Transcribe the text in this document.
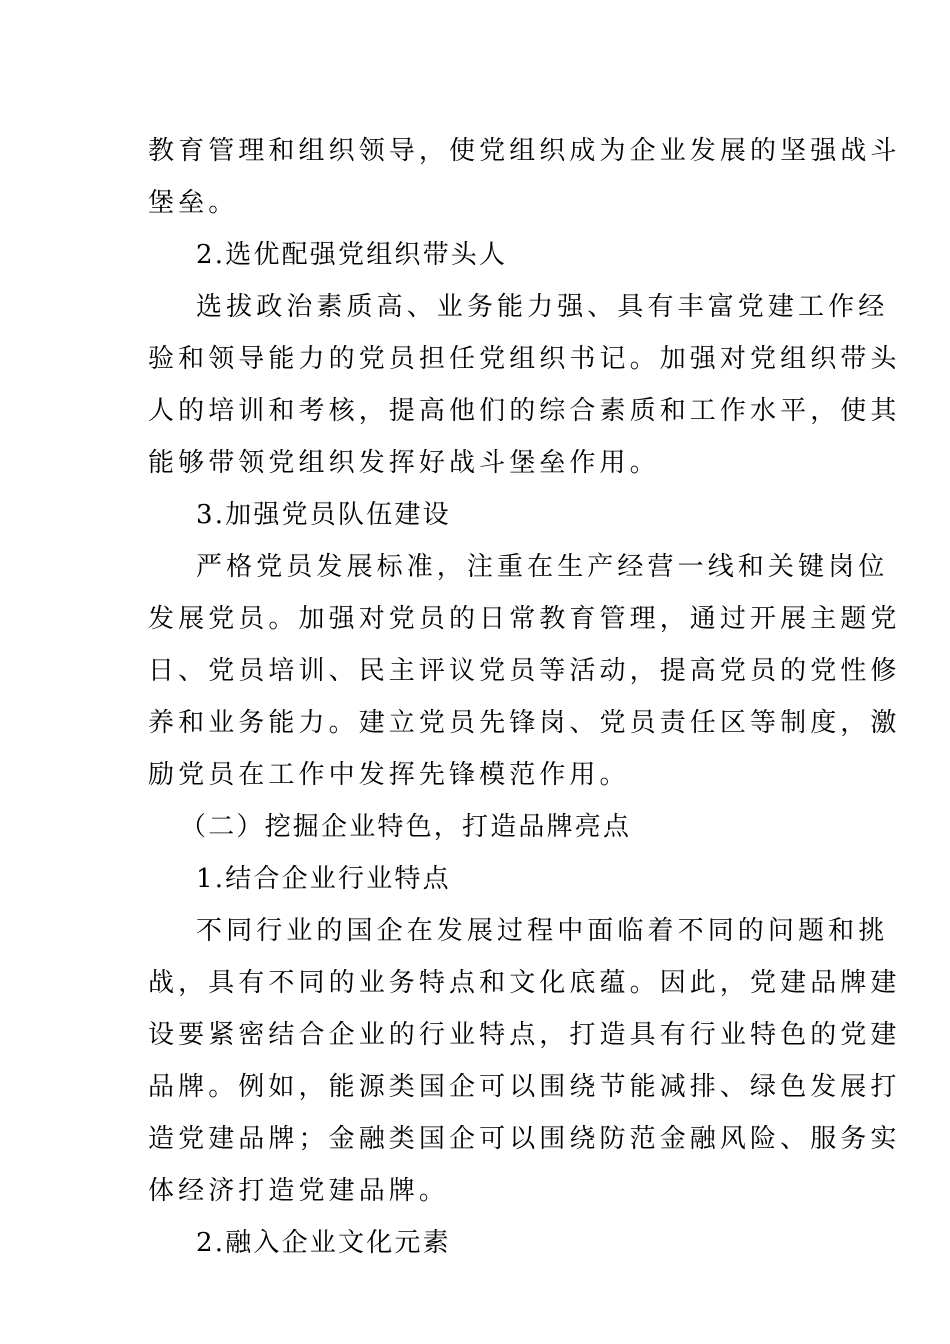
教育管理和组织领导，使党组织成为企业发展的坚强战斗
堡垒。
2.选优配强党组织带头人
选拔政治素质高、业务能力强、具有丰富党建工作经
验和领导能力的党员担任党组织书记。加强对党组织带头
人的培训和考核，提高他们的综合素质和工作水平，使其
能够带领党组织发挥好战斗堡垒作用。
3.加强党员队伍建设
严格党员发展标准，注重在生产经营一线和关键岗位
发展党员。加强对党员的日常教育管理，通过开展主题党
日、党员培训、民主评议党员等活动，提高党员的党性修
养和业务能力。建立党员先锋岗、党员责任区等制度，激
励党员在工作中发挥先锋模范作用。
（二）挖掘企业特色，打造品牌亮点
1.结合企业行业特点
不同行业的国企在发展过程中面临着不同的问题和挑
战，具有不同的业务特点和文化底蕴。因此，党建品牌建
设要紧密结合企业的行业特点，打造具有行业特色的党建
品牌。例如，能源类国企可以围绕节能减排、绿色发展打
造党建品牌；金融类国企可以围绕防范金融风险、服务实
体经济打造党建品牌。
2.融入企业文化元素
